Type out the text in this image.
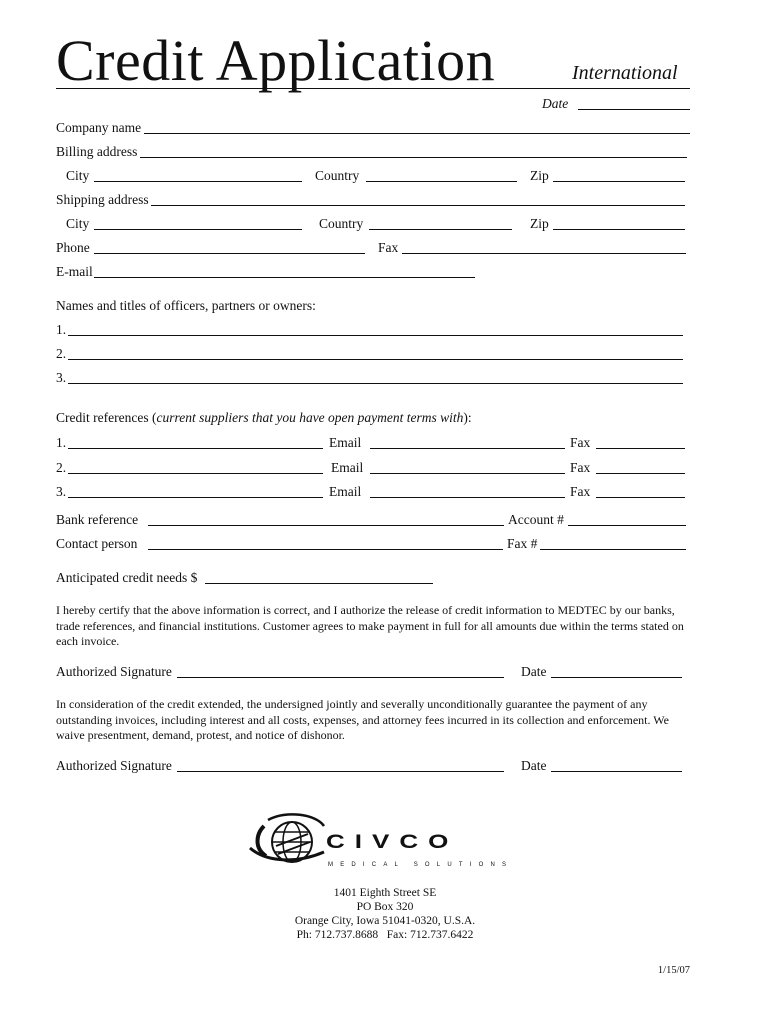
Credit Application	International
Date
Company name
Billing address
City	Country	Zip
Shipping address
City	Country	Zip
Phone	Fax
E-mail
Names and titles of officers, partners or owners:
1.
2.
3.
Credit references (current suppliers that you have open payment terms with):
1.	Email	Fax
2.	Email	Fax
3.	Email	Fax
Bank reference	Account #
Contact person	Fax #
Anticipated credit needs $
I hereby certify that the above information is correct, and I authorize the release of credit information to MEDTEC by our banks, trade references, and financial institutions. Customer agrees to make payment in full for all amounts due within the terms stated on each invoice.
Authorized Signature	Date
In consideration of the credit extended, the undersigned jointly and severally unconditionally guarantee the payment of any outstanding invoices, including interest and all costs, expenses, and attorney fees incurred in its collection and enforcement. We waive presentment, demand, protest, and notice of dishonor.
Authorized Signature	Date
CIVCO
MEDICAL SOLUTIONS
1401 Eighth Street SE
PO Box 320
Orange City, Iowa 51041-0320, U.S.A.
Ph: 712.737.8688   Fax: 712.737.6422
1/15/07
